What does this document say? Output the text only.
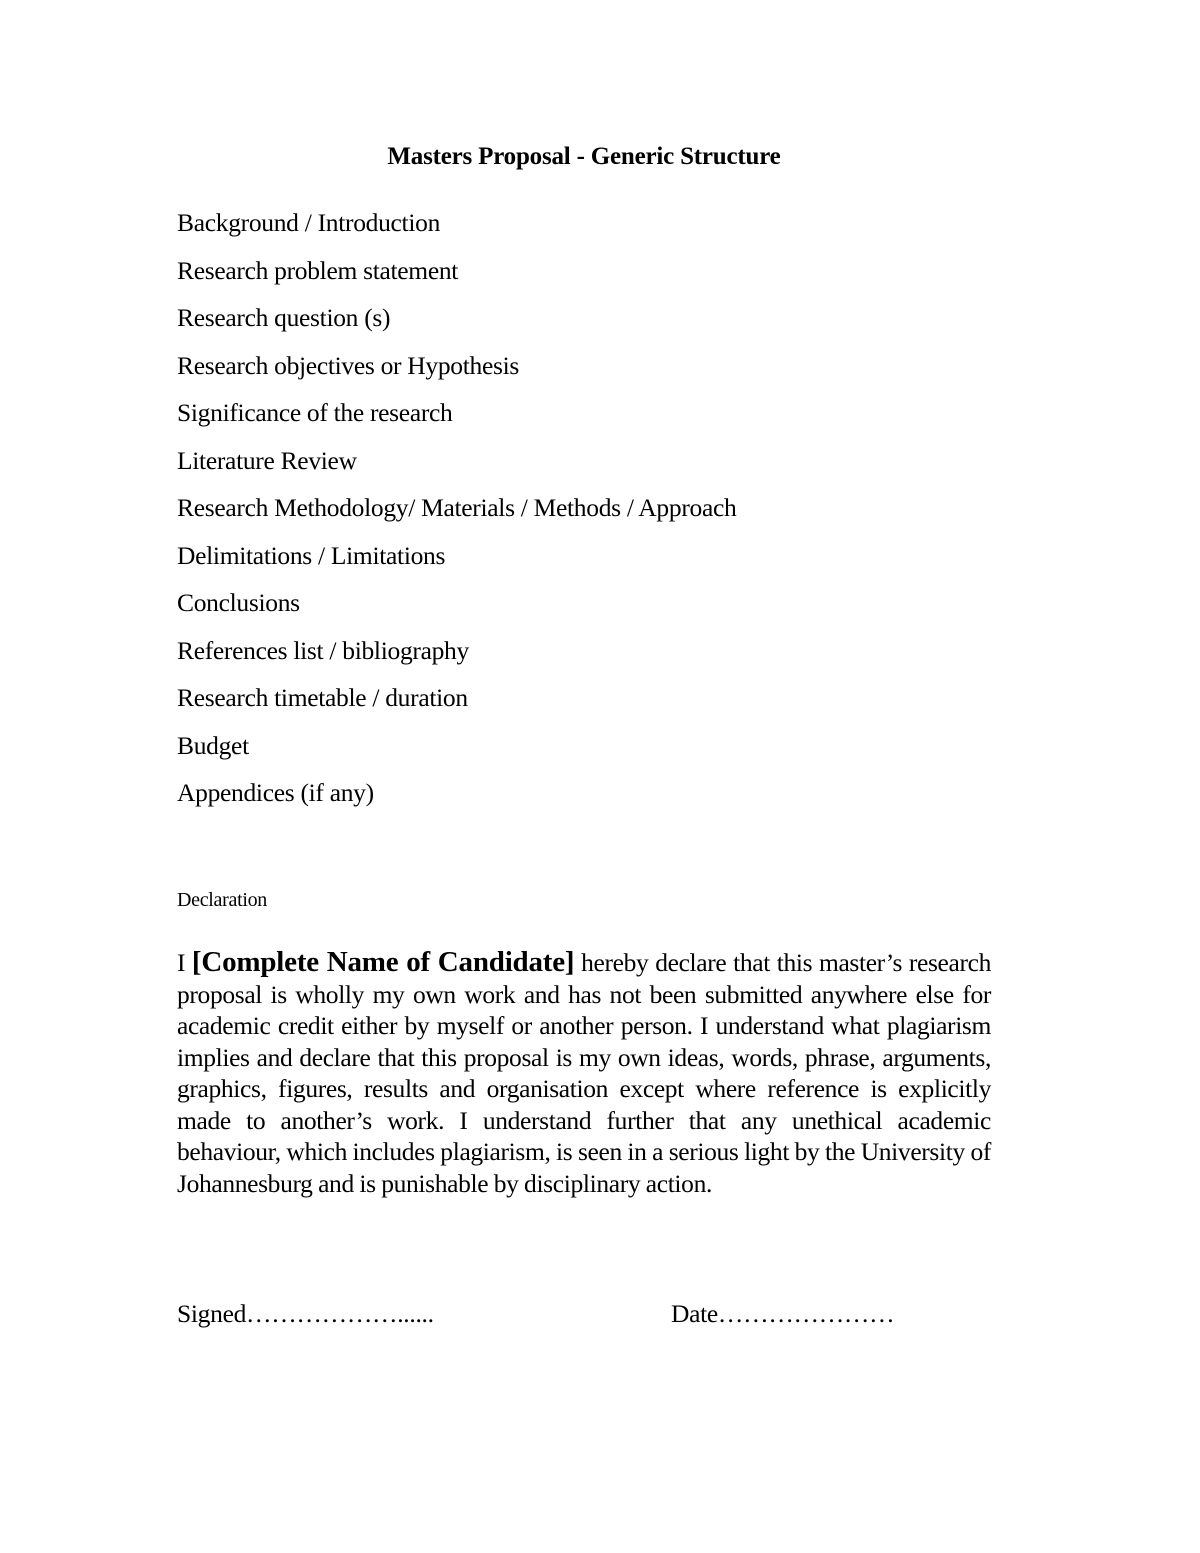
Masters Proposal - Generic Structure
Background / Introduction
Research problem statement
Research question (s)
Research objectives or Hypothesis
Significance of the research
Literature Review
Research Methodology/ Materials / Methods / Approach
Delimitations / Limitations
Conclusions
References list / bibliography
Research timetable / duration
Budget
Appendices (if any)
Declaration

I [Complete Name of Candidate] hereby declare that this master’s research proposal is wholly my own work and has not been submitted anywhere else for academic credit either by myself or another person. I understand what plagiarism implies and declare that this proposal is my own ideas, words, phrase, arguments, graphics, figures, results and organisation except where reference is explicitly made to another’s work. I understand further that any unethical academic behaviour, which includes plagiarism, is seen in a serious light by the University of Johannesburg and is punishable by disciplinary action.

Signed………………......	Date…………………
